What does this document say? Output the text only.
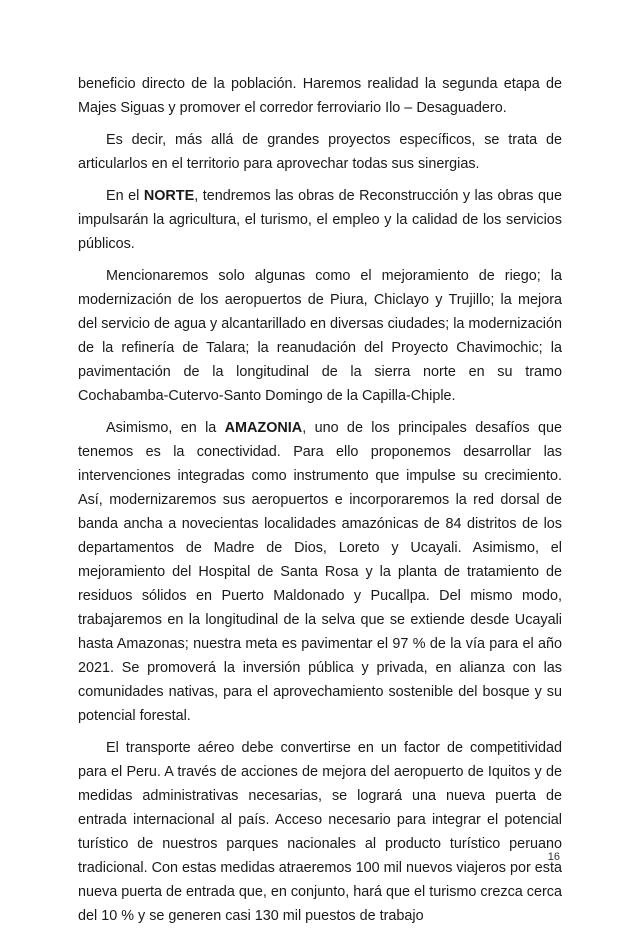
beneficio directo de la población. Haremos realidad la segunda etapa de Majes Siguas y promover el corredor ferroviario Ilo – Desaguadero.

Es decir, más allá de grandes proyectos específicos, se trata de articularlos en el territorio para aprovechar todas sus sinergias.

En el NORTE, tendremos las obras de Reconstrucción y las obras que impulsarán la agricultura, el turismo, el empleo y la calidad de los servicios públicos.

Mencionaremos solo algunas como el mejoramiento de riego; la modernización de los aeropuertos de Piura, Chiclayo y Trujillo; la mejora del servicio de agua y alcantarillado en diversas ciudades; la modernización de la refinería de Talara; la reanudación del Proyecto Chavimochic; la pavimentación de la longitudinal de la sierra norte en su tramo Cochabamba-Cutervo-Santo Domingo de la Capilla-Chiple.

Asimismo, en la AMAZONIA, uno de los principales desafíos que tenemos es la conectividad. Para ello proponemos desarrollar las intervenciones integradas como instrumento que impulse su crecimiento. Así, modernizaremos sus aeropuertos e incorporaremos la red dorsal de banda ancha a novecientas localidades amazónicas de 84 distritos de los departamentos de Madre de Dios, Loreto y Ucayali. Asimismo, el mejoramiento del Hospital de Santa Rosa y la planta de tratamiento de residuos sólidos en Puerto Maldonado y Pucallpa. Del mismo modo, trabajaremos en la longitudinal de la selva que se extiende desde Ucayali hasta Amazonas; nuestra meta es pavimentar el 97 % de la vía para el año 2021. Se promoverá la inversión pública y privada, en alianza con las comunidades nativas, para el aprovechamiento sostenible del bosque y su potencial forestal.

El transporte aéreo debe convertirse en un factor de competitividad para el Peru. A través de acciones de mejora del aeropuerto de Iquitos y de medidas administrativas necesarias, se logrará una nueva puerta de entrada internacional al país. Acceso necesario para integrar el potencial turístico de nuestros parques nacionales al producto turístico peruano tradicional. Con estas medidas atraeremos 100 mil nuevos viajeros por esta nueva puerta de entrada que, en conjunto, hará que el turismo crezca cerca del 10 % y se generen casi 130 mil puestos de trabajo

16
